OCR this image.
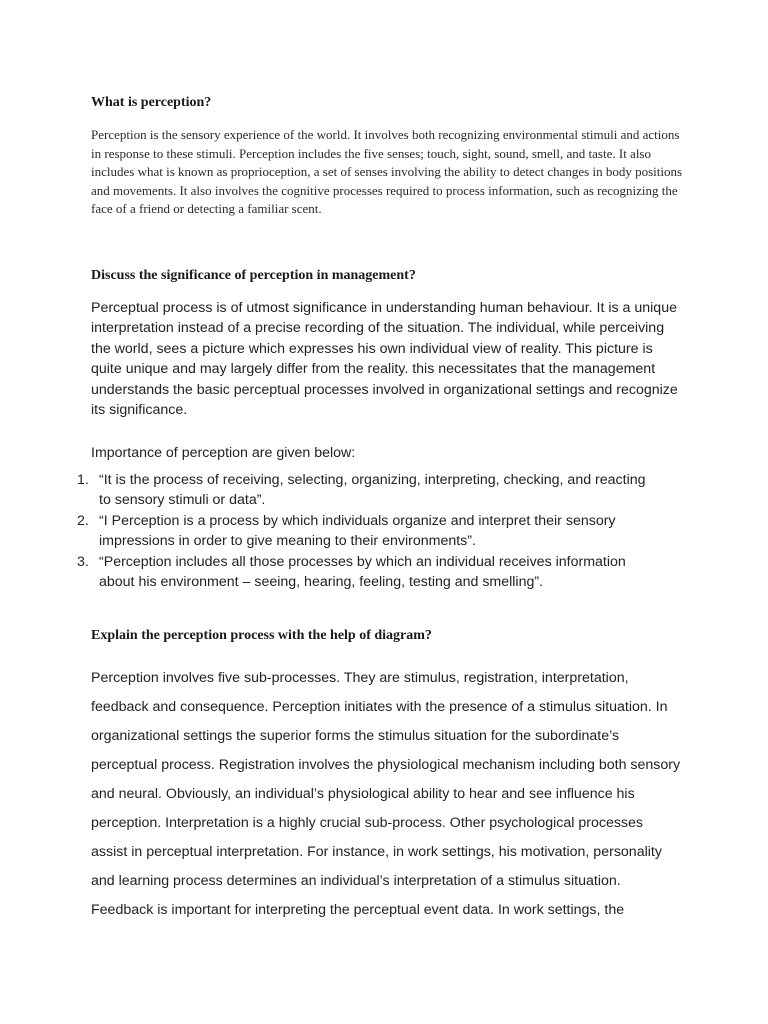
What is perception?

Perception is the sensory experience of the world. It involves both recognizing environmental stimuli and actions in response to these stimuli. Perception includes the five senses; touch, sight, sound, smell, and taste. It also includes what is known as proprioception, a set of senses involving the ability to detect changes in body positions and movements. It also involves the cognitive processes required to process information, such as recognizing the face of a friend or detecting a familiar scent.

Discuss the significance of perception in management?

Perceptual process is of utmost significance in understanding human behaviour. It is a unique interpretation instead of a precise recording of the situation. The individual, while perceiving the world, sees a picture which expresses his own individual view of reality. This picture is quite unique and may largely differ from the reality. this necessitates that the management understands the basic perceptual processes involved in organizational settings and recognize its significance.

Importance of perception are given below:

1. “It is the process of receiving, selecting, organizing, interpreting, checking, and reacting to sensory stimuli or data”.
2. “I Perception is a process by which individuals organize and interpret their sensory impressions in order to give meaning to their environments”.
3. “Perception includes all those processes by which an individual receives information about his environment – seeing, hearing, feeling, testing and smelling”.
Explain the perception process with the help of diagram?

Perception involves five sub-processes. They are stimulus, registration, interpretation, feedback and consequence. Perception initiates with the presence of a stimulus situation. In organizational settings the superior forms the stimulus situation for the subordinate’s perceptual process. Registration involves the physiological mechanism including both sensory and neural. Obviously, an individual’s physiological ability to hear and see influence his perception. Interpretation is a highly crucial sub-process. Other psychological processes assist in perceptual interpretation. For instance, in work settings, his motivation, personality and learning process determines an individual’s interpretation of a stimulus situation. Feedback is important for interpreting the perceptual event data. In work settings, the
